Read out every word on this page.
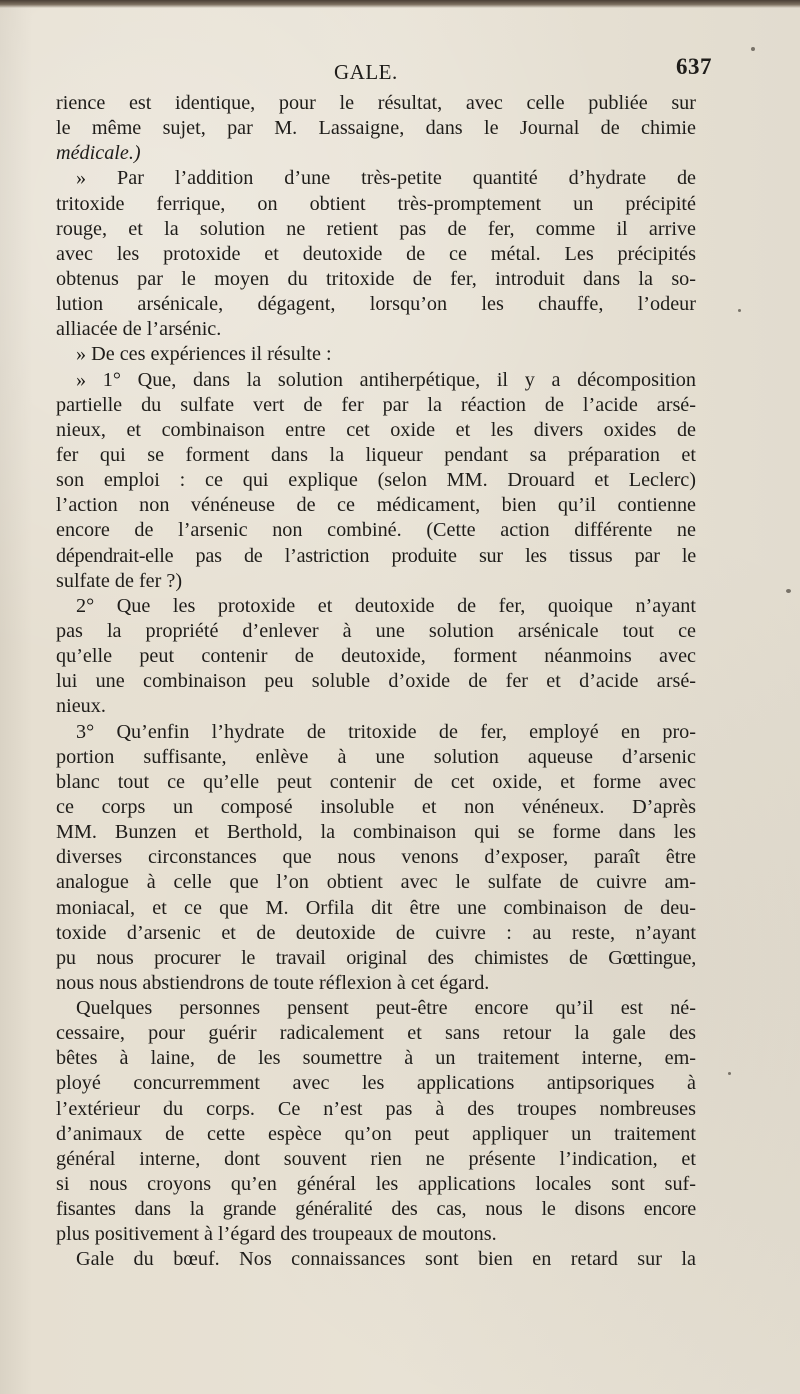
GALE.	637
rience est identique, pour le résultat, avec celle publiée sur
le même sujet, par M. Lassaigne, dans le Journal de chimie
médicale.)
» Par l’addition d’une très-petite quantité d’hydrate de
tritoxide ferrique, on obtient très-promptement un précipité
rouge, et la solution ne retient pas de fer, comme il arrive
avec les protoxide et deutoxide de ce métal. Les précipités
obtenus par le moyen du tritoxide de fer, introduit dans la so-
lution arsénicale, dégagent, lorsqu’on les chauffe, l’odeur
alliacée de l’arsénic.
» De ces expériences il résulte :
» 1° Que, dans la solution antiherpétique, il y a décomposition
partielle du sulfate vert de fer par la réaction de l’acide arsé-
nieux, et combinaison entre cet oxide et les divers oxides de
fer qui se forment dans la liqueur pendant sa préparation et
son emploi : ce qui explique (selon MM. Drouard et Leclerc)
l’action non vénéneuse de ce médicament, bien qu’il contienne
encore de l’arsenic non combiné. (Cette action différente ne
dépendrait-elle pas de l’astriction produite sur les tissus par le
sulfate de fer ?)
2° Que les protoxide et deutoxide de fer, quoique n’ayant
pas la propriété d’enlever à une solution arsénicale tout ce
qu’elle peut contenir de deutoxide, forment néanmoins avec
lui une combinaison peu soluble d’oxide de fer et d’acide arsé-
nieux.
3° Qu’enfin l’hydrate de tritoxide de fer, employé en pro-
portion suffisante, enlève à une solution aqueuse d’arsenic
blanc tout ce qu’elle peut contenir de cet oxide, et forme avec
ce corps un composé insoluble et non vénéneux. D’après
MM. Bunzen et Berthold, la combinaison qui se forme dans les
diverses circonstances que nous venons d’exposer, paraît être
analogue à celle que l’on obtient avec le sulfate de cuivre am-
moniacal, et ce que M. Orfila dit être une combinaison de deu-
toxide d’arsenic et de deutoxide de cuivre : au reste, n’ayant
pu nous procurer le travail original des chimistes de Gœttingue,
nous nous abstiendrons de toute réflexion à cet égard.
Quelques personnes pensent peut-être encore qu’il est né-
cessaire, pour guérir radicalement et sans retour la gale des
bêtes à laine, de les soumettre à un traitement interne, em-
ployé concurremment avec les applications antipsoriques à
l’extérieur du corps. Ce n’est pas à des troupes nombreuses
d’animaux de cette espèce qu’on peut appliquer un traitement
général interne, dont souvent rien ne présente l’indication, et
si nous croyons qu’en général les applications locales sont suf-
fisantes dans la grande généralité des cas, nous le disons encore
plus positivement à l’égard des troupeaux de moutons.
Gale du bœuf. Nos connaissances sont bien en retard sur la
